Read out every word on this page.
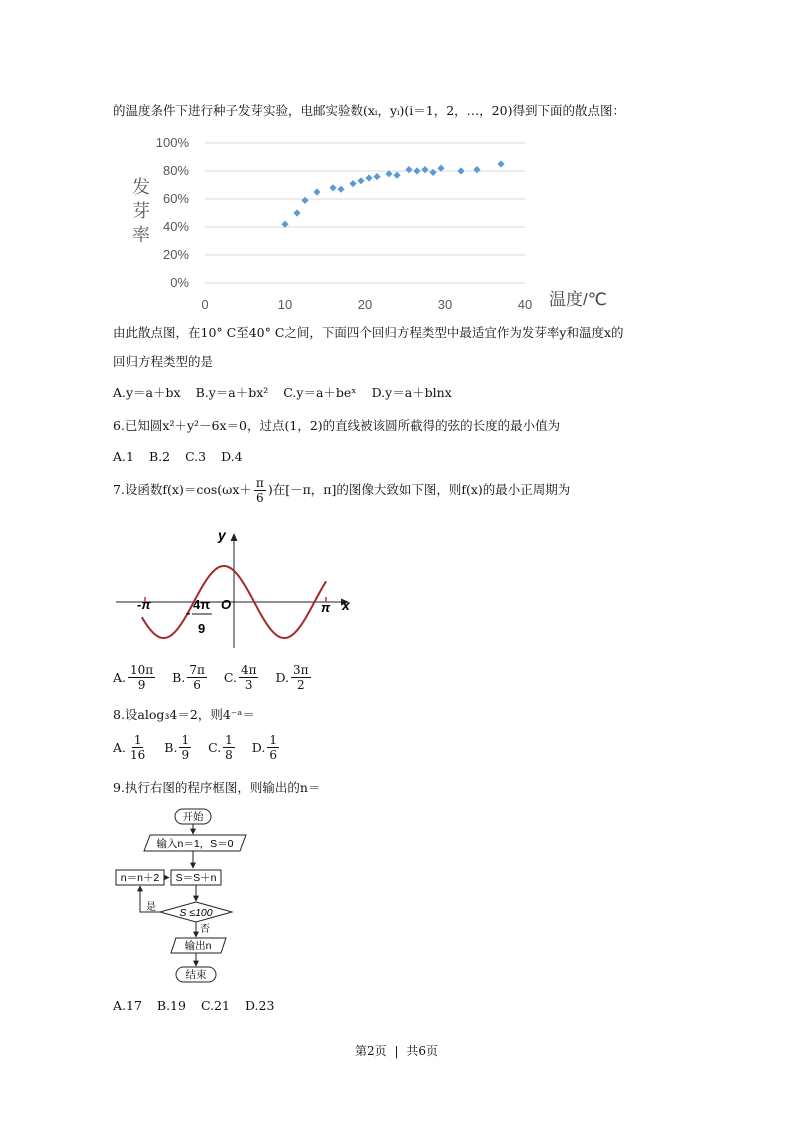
的温度条件下进行种子发芽实验，电邮实验数(xᵢ，yᵢ)(i＝1，2，…，20)得到下面的散点图：
100%
80%
60%
40%
20%
0%
0	10	20	30	40
发
芽
率
温度/℃
由此散点图，在10° C至40° C之间，下面四个回归方程类型中最适宜作为发芽率y和温度x的
回归方程类型的是
A.y＝a＋bx B.y＝a＋bx² C.y＝a＋beˣ D.y＝a＋blnx
6.已知圆x²＋y²－6x＝0，过点(1，2)的直线被该圆所截得的弦的长度的最小值为
A.1 B.2 C.3 D.4
7.设函数$f(x)=\cos(\omega x+ \frac{\pi}{6}$ )在[－π，π]的图像大致如下图，则f(x)的最小正周期为
y
x
O
-π	π
-
4π
9
A. $\frac{10\pi}{9} B$. $\frac{7\pi}{6} C$. $\frac{4\pi}{3} D$. $\frac{3\pi}{2}$
8.设alog₃4＝2，则4⁻ᵃ＝
A. $\frac{1}{16} B$. $\frac{1}{9} C$. $\frac{1}{8} D$. $\frac{1}{6}$
9.执行右图的程序框图，则输出的n＝
开始
输入n＝1，S＝0
n＝n＋2 S＝S＋n
S ≤100
是
否
输出n
结束
A.17 B.19 C.21 D.23
第2页 | 共6页
